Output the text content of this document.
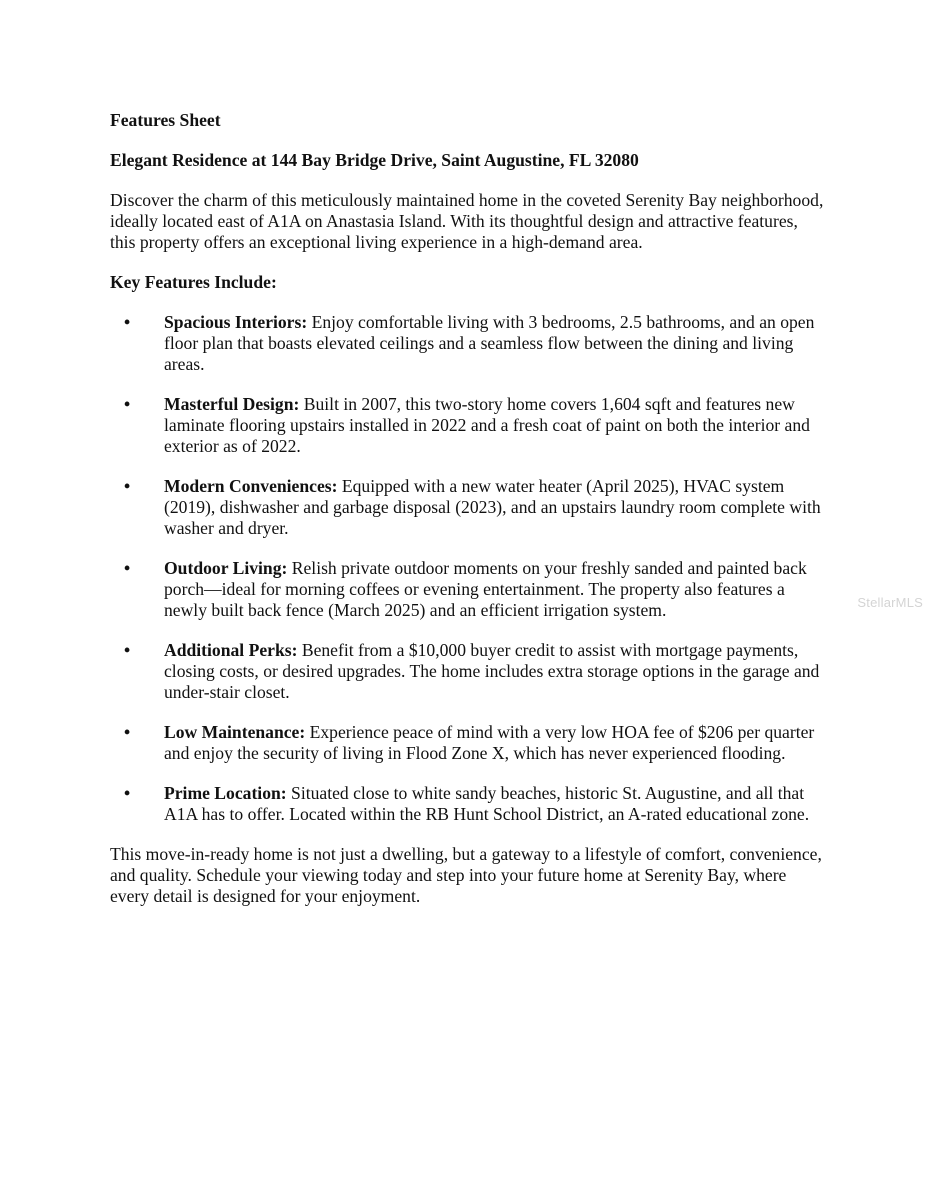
Features Sheet

Elegant Residence at 144 Bay Bridge Drive, Saint Augustine, FL 32080

Discover the charm of this meticulously maintained home in the coveted Serenity Bay neighborhood, ideally located east of A1A on Anastasia Island. With its thoughtful design and attractive features, this property offers an exceptional living experience in a high-demand area.

Key Features Include:

• Spacious Interiors: Enjoy comfortable living with 3 bedrooms, 2.5 bathrooms, and an open floor plan that boasts elevated ceilings and a seamless flow between the dining and living areas.
• Masterful Design: Built in 2007, this two-story home covers 1,604 sqft and features new laminate flooring upstairs installed in 2022 and a fresh coat of paint on both the interior and exterior as of 2022.
• Modern Conveniences: Equipped with a new water heater (April 2025), HVAC system (2019), dishwasher and garbage disposal (2023), and an upstairs laundry room complete with washer and dryer.
• Outdoor Living: Relish private outdoor moments on your freshly sanded and painted back porch—ideal for morning coffees or evening entertainment. The property also features a newly built back fence (March 2025) and an efficient irrigation system.
• Additional Perks: Benefit from a $10,000 buyer credit to assist with mortgage payments, closing costs, or desired upgrades. The home includes extra storage options in the garage and under-stair closet.
• Low Maintenance: Experience peace of mind with a very low HOA fee of $206 per quarter and enjoy the security of living in Flood Zone X, which has never experienced flooding.
• Prime Location: Situated close to white sandy beaches, historic St. Augustine, and all that A1A has to offer. Located within the RB Hunt School District, an A-rated educational zone.

This move-in-ready home is not just a dwelling, but a gateway to a lifestyle of comfort, convenience, and quality. Schedule your viewing today and step into your future home at Serenity Bay, where every detail is designed for your enjoyment.

StellarMLS
